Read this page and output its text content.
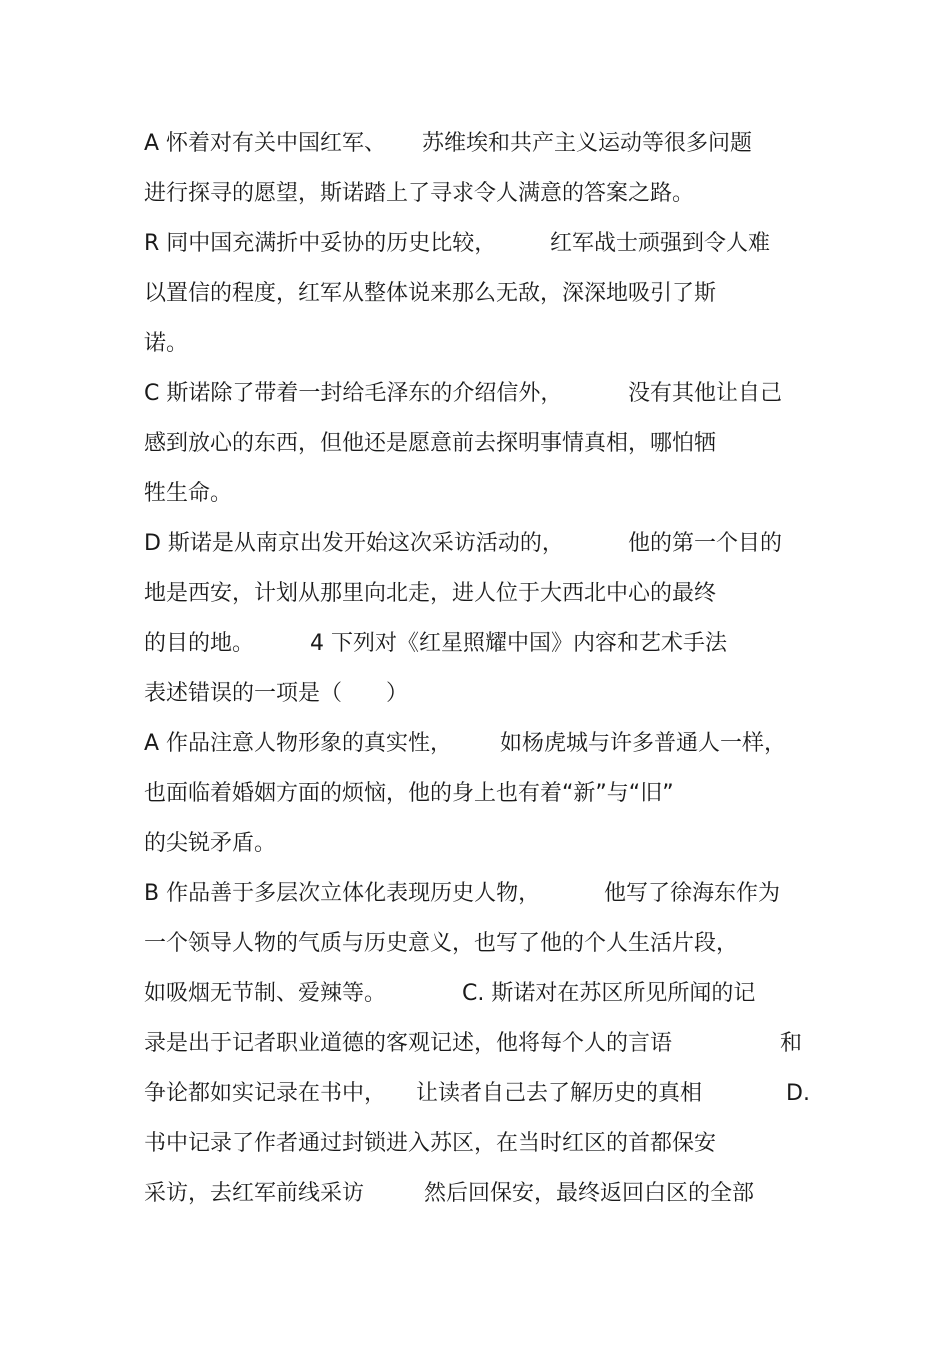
A 怀着对有关中国红军、 苏维埃和共产主义运动等很多问题
进行探寻的愿望，斯诺踏上了寻求令人满意的答案之路。
R 同中国充满折中妥协的历史比较， 红军战士顽强到令人难
以置信的程度，红军从整体说来那么无敌，深深地吸引了斯
诺。
C 斯诺除了带着一封给毛泽东的介绍信外，	没有其他让自己
感到放心的东西，但他还是愿意前去探明事情真相，哪怕牺
牲生命。
D 斯诺是从南京出发开始这次采访活动的，	他的第一个目的
地是西安，计划从那里向北走，进人位于大西北中心的最终
的目的地。	4 下列对《红星照耀中国》内容和艺术手法
表述错误的一项是（　　）
A 作品注意人物形象的真实性， 如杨虎城与许多普通人一样，
也面临着婚姻方面的烦恼，他的身上也有着“新”与“旧”
的尖锐矛盾。
B 作品善于多层次立体化表现历史人物，	他写了徐海东作为
一个领导人物的气质与历史意义，也写了他的个人生活片段，
如吸烟无节制、爱辣等。	C. 斯诺对在苏区所见所闻的记
录是出于记者职业道德的客观记述，他将每个人的言语	和
争论都如实记录在书中， 让读者自己去了解历史的真相	D.
书中记录了作者通过封锁进入苏区，在当时红区的首都保安
采访，去红军前线采访	然后回保安，最终返回白区的全部
